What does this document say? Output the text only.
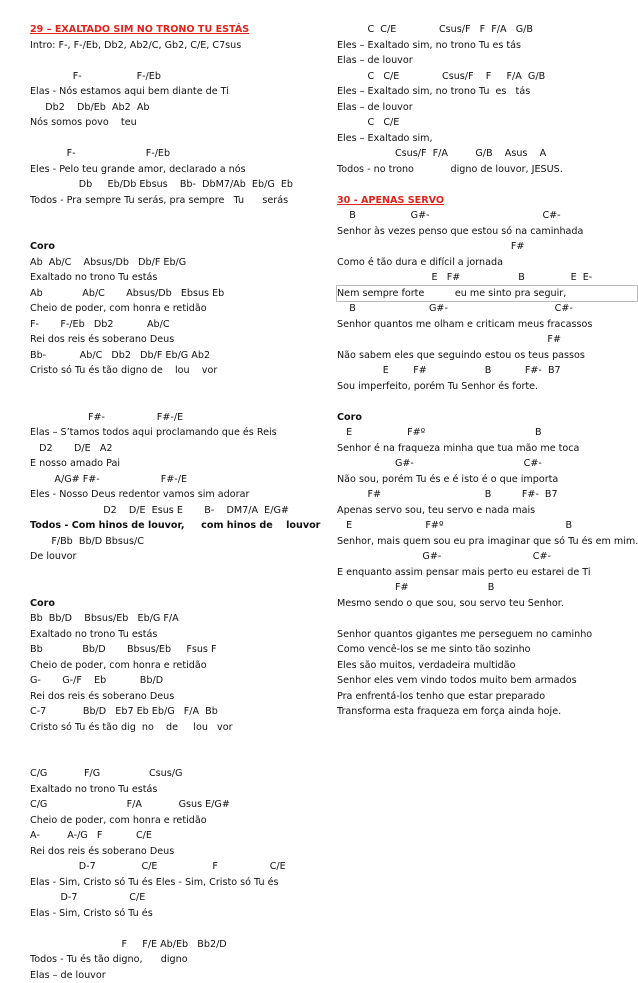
29 – EXALTADO SIM NO TRONO TU ESTÁS
Intro: F-, F-/Eb, Db2, Ab2/C, Gb2, C/E, C7sus
F-                  F-/Eb
Elas - Nós estamos aqui bem diante de Ti
Db2    Db/Eb  Ab2  Ab
Nós somos povo    teu
F-                       F-/Eb
Eles - Pelo teu grande amor, declarado a nós
Db     Eb/Db Ebsus    Bb-  DbM7/Ab  Eb/G  Eb
Todos - Pra sempre Tu serás, pra sempre   Tu      serás
Coro
Ab  Ab/C    Absus/Db   Db/F Eb/G
Exaltado no trono Tu estás
Ab             Ab/C       Absus/Db   Ebsus Eb
Cheio de poder, com honra e retidão
F-       F-/Eb   Db2           Ab/C
Rei dos reis és soberano Deus
Bb-           Ab/C   Db2   Db/F Eb/G Ab2
Cristo só Tu és tão digno de    lou    vor
F#-                 F#-/E
Elas – S’tamos todos aqui proclamando que és Reis
D2       D/E   A2
E nosso amado Pai
A/G# F#-                    F#-/E
Eles - Nosso Deus redentor vamos sim adorar
D2    D/E  Esus E       B-    DM7/A  E/G#
Todos - Com hinos de louvor,     com hinos de    louvor
F/Bb  Bb/D Bbsus/C
De louvor
Coro
Bb  Bb/D    Bbsus/Eb   Eb/G F/A
Exaltado no trono Tu estás
Bb             Bb/D       Bbsus/Eb     Fsus F
Cheio de poder, com honra e retidão
G-       G-/F    Eb           Bb/D
Rei dos reis és soberano Deus
C-7            Bb/D   Eb7 Eb Eb/G   F/A  Bb
Cristo só Tu és tão dig  no    de     lou   vor
C/G            F/G                Csus/G
Exaltado no trono Tu estás
C/G                          F/A            Gsus E/G#
Cheio de poder, com honra e retidão
A-         A-/G   F           C/E
Rei dos reis és soberano Deus
D-7               C/E                  F                 C/E
Elas - Sim, Cristo só Tu és Eles - Sim, Cristo só Tu és
D-7                 C/E
Elas - Sim, Cristo só Tu és
F     F/E Ab/Eb   Bb2/D
Todos - Tu és tão digno,      digno
Elas – de louvor
C  C/E              Csus/F   F  F/A   G/B
Eles – Exaltado sim, no trono Tu es tás
Elas – de louvor
C   C/E              Csus/F    F     F/A  G/B
Eles – Exaltado sim, no trono Tu  es   tás
Elas – de louvor
C   C/E
Eles – Exaltado sim,
Csus/F  F/A         G/B    Asus    A
Todos - no trono            digno de louvor, JESUS.
30 - APENAS SERVO
B                  G#-                                     C#-
Senhor às vezes penso que estou só na caminhada
F#
Como é tão dura e difícil a jornada
E   F#                   B               E  E-
Nem sempre forte          eu me sinto pra seguir,
B                        G#-                                   C#-
Senhor quantos me olham e criticam meus fracassos
F#
Não sabem eles que seguindo estou os teus passos
E        F#                   B           F#-  B7
Sou imperfeito, porém Tu Senhor és forte.
Coro
E                  F#º                                    B
Senhor é na fraqueza minha que tua mão me toca
G#-                                    C#-
Não sou, porém Tu és e é isto é o que importa
F#                                  B          F#-  B7
Apenas servo sou, teu servo e nada mais
E                        F#º                                        B
Senhor, mais quem sou eu pra imaginar que só Tu és em mim.
G#-                              C#-
E enquanto assim pensar mais perto eu estarei de Ti
F#                          B
Mesmo sendo o que sou, sou servo teu Senhor.
Senhor quantos gigantes me perseguem no caminho
Como vencê-los se me sinto tão sozinho
Eles são muitos, verdadeira multidão
Senhor eles vem vindo todos muito bem armados
Pra enfrentá-los tenho que estar preparado
Transforma esta fraqueza em força ainda hoje.
